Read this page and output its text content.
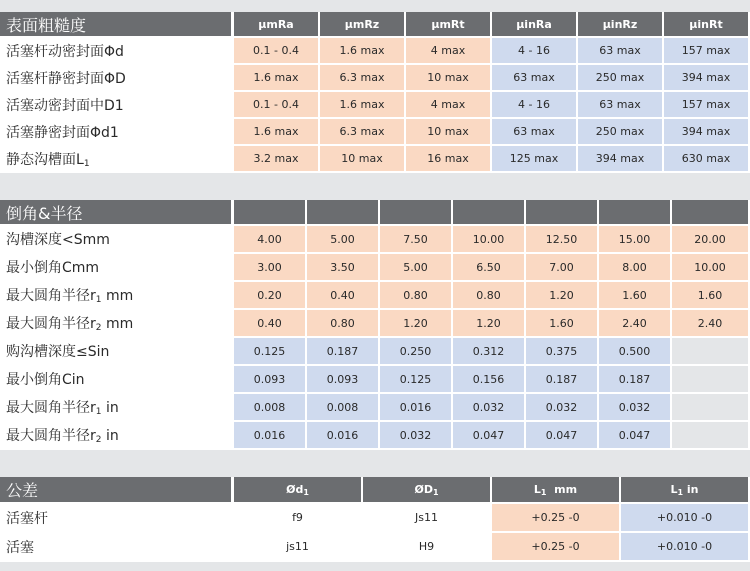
表面粗糙度	µmRa	µmRz	µmRt	µinRa	µinRz	µinRt
活塞杆动密封面Φd	0.1 - 0.4	1.6 max	4 max	4 - 16	63 max	157 max
活塞杆静密封面ΦD	1.6 max	6.3 max	10 max	63 max	250 max	394 max
活塞动密封面中D1	0.1 - 0.4	1.6 max	4 max	4 - 16	63 max	157 max
活塞静密封面Φd1	1.6 max	6.3 max	10 max	63 max	250 max	394 max
静态沟槽面$L_1$	3.2 max	10 max	16 max	125 max	394 max	630 max
倒角&半径							
沟槽深度<Smm	4.00	5.00	7.50	10.00	12.50	15.00	20.00
最小倒角Cmm	3.00	3.50	5.00	6.50	7.00	8.00	10.00
最大圆角半径$r_1$ mm	0.20	0.40	0.80	0.80	1.20	1.60	1.60
最大圆角半径$r_2$ mm	0.40	0.80	1.20	1.20	1.60	2.40	2.40
购沟槽深度≤Sin	0.125	0.187	0.250	0.312	0.375	0.500	
最小倒角Cin	0.093	0.093	0.125	0.156	0.187	0.187	
最大圆角半径$r_1$ in	0.008	0.008	0.016	0.032	0.032	0.032	
最大圆角半径$r_2$ in	0.016	0.016	0.032	0.047	0.047	0.047	
公差	$Ød_1$	$ØD_1$	$L_1$  mm	$L_1$ in
活塞杆	f9	Js11	+0.25 -0	+0.010 -0
活塞	js11	H9	+0.25 -0	+0.010 -0
